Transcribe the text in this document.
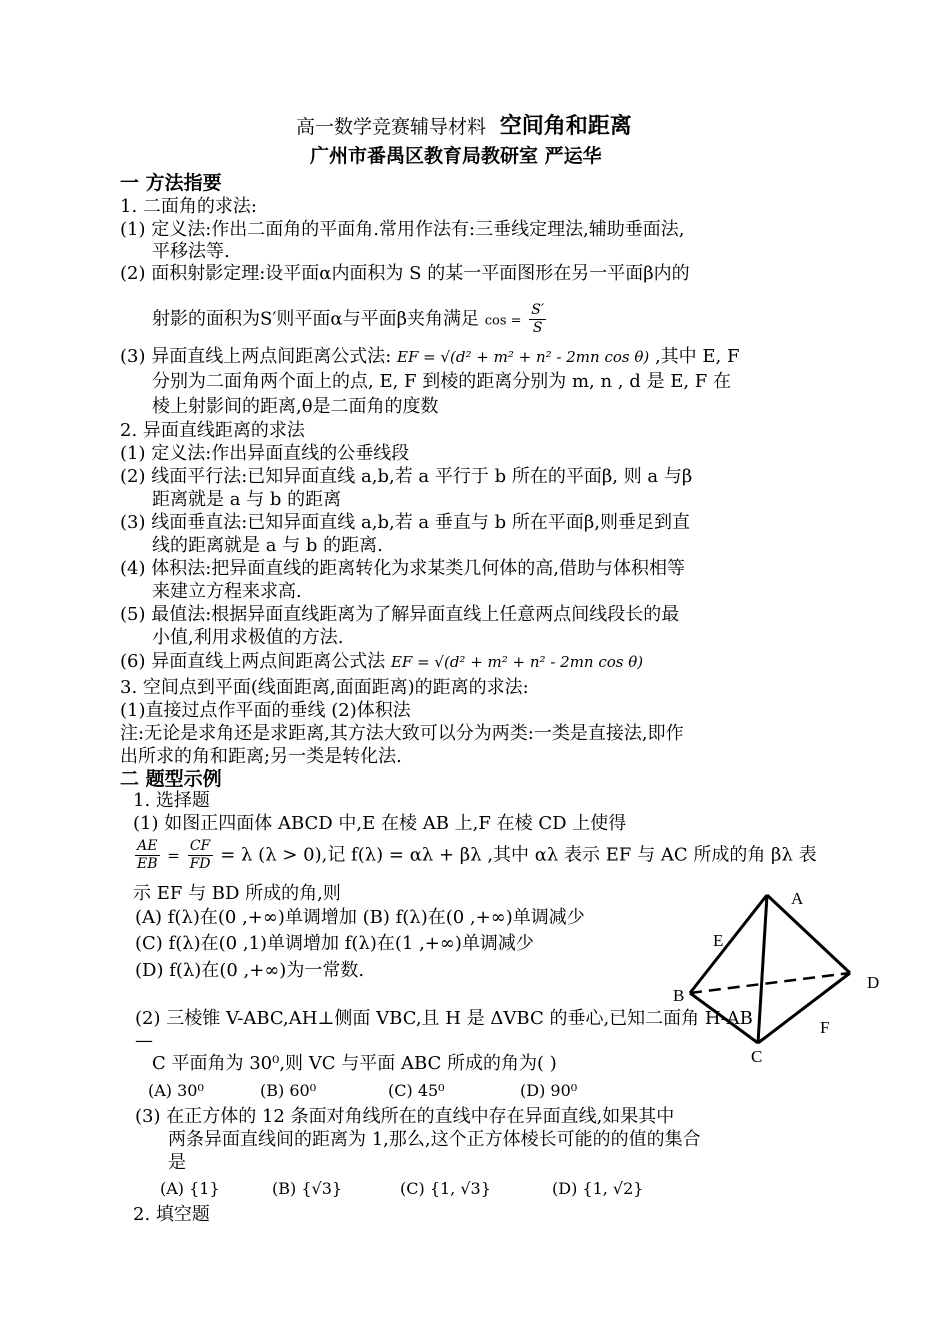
高一数学竞赛辅导材料 空间角和距离
广州市番禺区教育局教研室 严运华
一 方法指要
1. 二面角的求法:
(1) 定义法:作出二面角的平面角.常用作法有:三垂线定理法,辅助垂面法,
平移法等.
(2) 面积射影定理:设平面α内面积为 S 的某一平面图形在另一平面β内的
射影的面积为S′则平面α与平面β夹角满足 $\cos = \frac{S'}{S}$
(3) 异面直线上两点间距离公式法: EF = √(d² + m² + n² - 2mn cos θ) ,其中 E, F
分别为二面角两个面上的点, E, F 到棱的距离分别为 m, n , d 是 E, F 在
棱上射影间的距离,θ是二面角的度数
2. 异面直线距离的求法
(1) 定义法:作出异面直线的公垂线段
(2) 线面平行法:已知异面直线 a,b,若 a 平行于 b 所在的平面β, 则 a 与β
距离就是 a 与 b 的距离
(3) 线面垂直法:已知异面直线 a,b,若 a 垂直与 b 所在平面β,则垂足到直
线的距离就是 a 与 b 的距离.
(4) 体积法:把异面直线的距离转化为求某类几何体的高,借助与体积相等
来建立方程来求高.
(5) 最值法:根据异面直线距离为了解异面直线上任意两点间线段长的最
小值,利用求极值的方法.
(6) 异面直线上两点间距离公式法 EF = √(d² + m² + n² - 2mn cos θ)
3. 空间点到平面(线面距离,面面距离)的距离的求法:
(1)直接过点作平面的垂线 (2)体积法
注:无论是求角还是求距离,其方法大致可以分为两类:一类是直接法,即作
出所求的角和距离;另一类是转化法.
二 题型示例
1. 选择题
(1) 如图正四面体 ABCD 中,E 在棱 AB 上,F 在棱 CD 上使得
$\frac{AE}{EB} = \frac{CF}{FD} = \lambda$ (λ > 0),记 f(λ) = αλ + βλ ,其中 αλ 表示 EF 与 AC 所成的角 βλ 表
示 EF 与 BD 所成的角,则
(A) f(λ)在(0 ,+∞)单调增加 (B) f(λ)在(0 ,+∞)单调减少
(C) f(λ)在(0 ,1)单调增加 f(λ)在(1 ,+∞)单调减少
(D) f(λ)在(0 ,+∞)为一常数.
(2) 三棱锥 V-ABC,AH⊥侧面 VBC,且 H 是 ΔVBC 的垂心,已知二面角 H-AB
—
C 平面角为 30⁰,则 VC 与平面 ABC 所成的角为( )
(A) 30⁰	(B) 60⁰	(C) 45⁰	(D) 90⁰
(3) 在正方体的 12 条面对角线所在的直线中存在异面直线,如果其中
两条异面直线间的距离为 1,那么,这个正方体棱长可能的的值的集合
是
(A) {1}	(B) {√3}	(C) {1, √3}	(D) {1, √2}
2. 填空题
A
E
B
D
F
C
